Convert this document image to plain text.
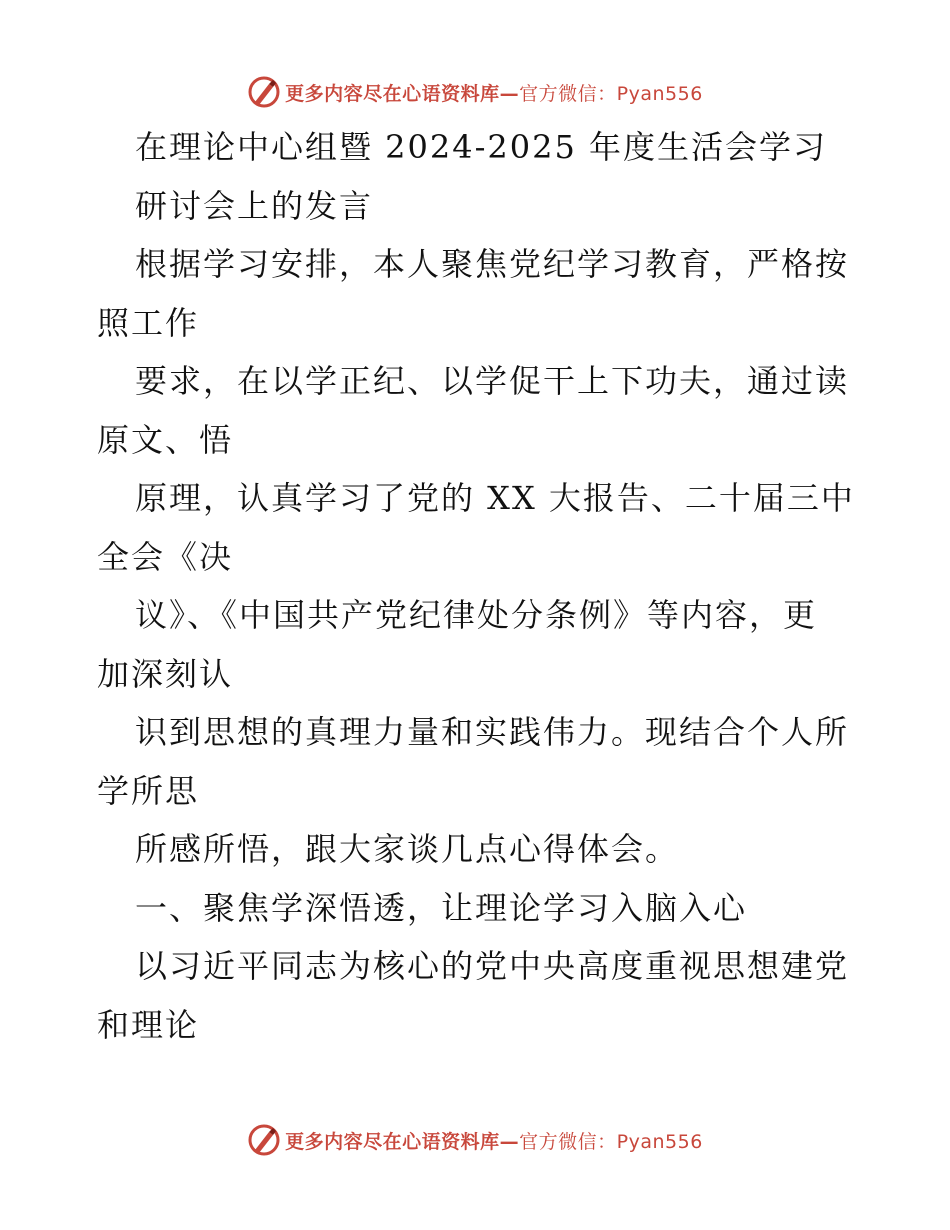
更多内容尽在心语资料库—官方微信：Pyan556
在理论中心组暨 2024-2025 年度生活会学习
研讨会上的发言
根据学习安排，本人聚焦党纪学习教育，严格按
照工作
要求，在以学正纪、以学促干上下功夫，通过读
原文、悟
原理，认真学习了党的 XX 大报告、二十届三中
全会《决
议》、《中国共产党纪律处分条例》等内容，更
加深刻认
识到思想的真理力量和实践伟力。现结合个人所
学所思
所感所悟，跟大家谈几点心得体会。
一、聚焦学深悟透，让理论学习入脑入心
以习近平同志为核心的党中央高度重视思想建党
和理论
更多内容尽在心语资料库—官方微信：Pyan556
